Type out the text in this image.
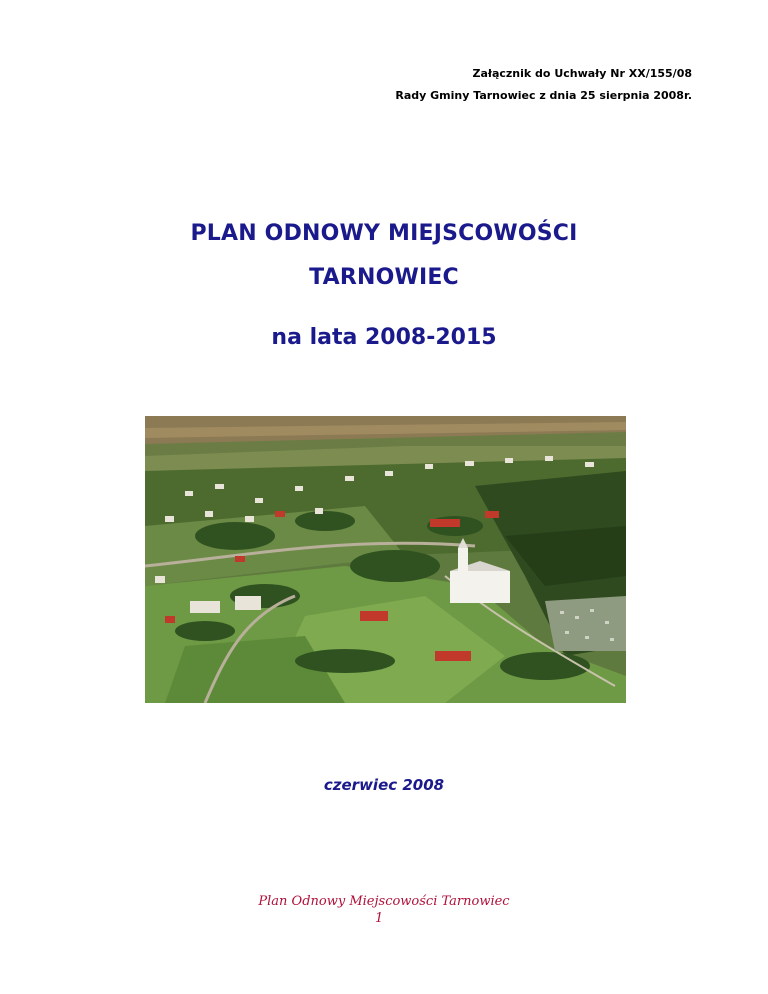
Załącznik do Uchwały Nr XX/155/08
Rady Gminy Tarnowiec z dnia 25 sierpnia 2008r.
PLAN ODNOWY MIEJSCOWOŚCI
TARNOWIEC
na lata 2008-2015
czerwiec 2008
Plan Odnowy Miejscowości Tarnowiec
1
